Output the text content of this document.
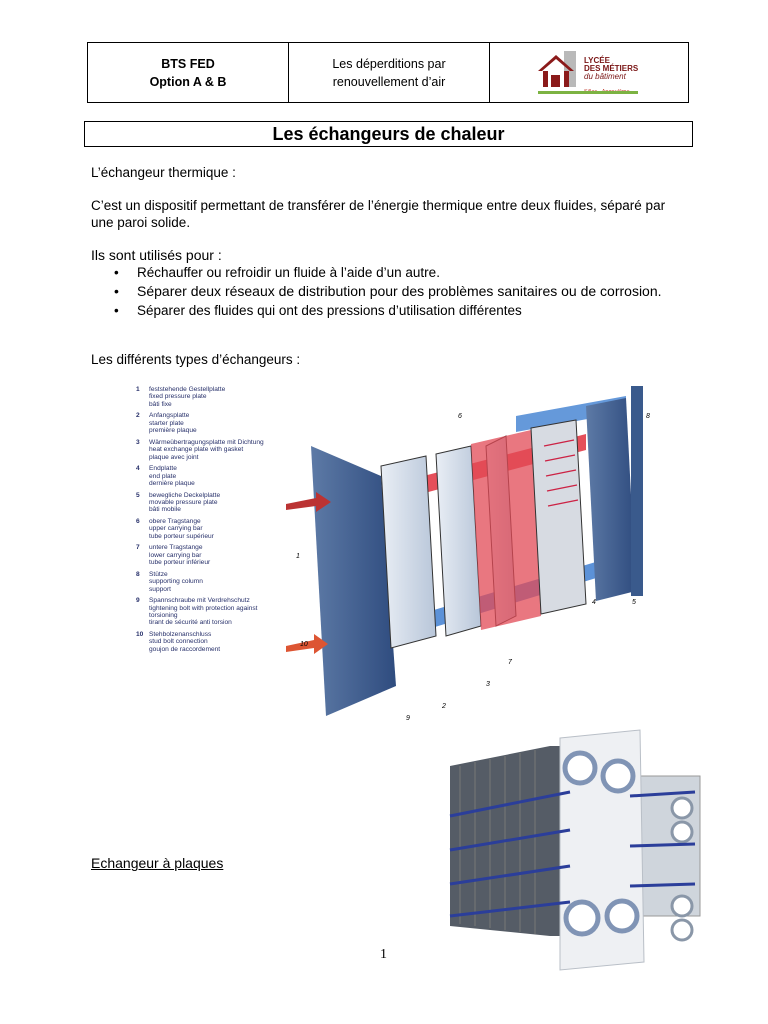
BTS FED
Option A & B
Les déperditions par
renouvellement d’air
LYCÉE
DES MÉTIERS
du bâtiment
Les échangeurs de chaleur
L’échangeur thermique :
C’est un dispositif permettant de transférer de l’énergie thermique entre deux fluides, séparé par une paroi solide.
Ils sont utilisés pour :
• Réchauffer ou refroidir un fluide à l’aide d’un autre.
• Séparer deux réseaux de distribution pour des problèmes sanitaires ou de corrosion.
• Séparer des fluides qui ont des pressions d’utilisation différentes
Les différents types d’échangeurs :
1	feststehende Gestellplatte
fixed pressure plate
bâti fixe
2	Anfangsplatte
starter plate
première plaque
3	Wärmeübertragungsplatte mit Dichtung
heat exchange plate with gasket
plaque avec joint
4	Endplatte
end plate
dernière plaque
5	bewegliche Deckelplatte
movable pressure plate
bâti mobile
6	obere Tragstange
upper carrying bar
tube porteur supérieur
7	untere Tragstange
lower carrying bar
tube porteur inférieur
8	Stütze
supporting column
support
9	Spannschraube mit Verdrehschutz
tightening bolt with protection against torsioning
tirant de sécurité anti torsion
10 Stehbolzenanschluss
stud bolt connection
goujon de raccordement
1
2
3
4	5
6
7
8
9
10
Echangeur à plaques
1
